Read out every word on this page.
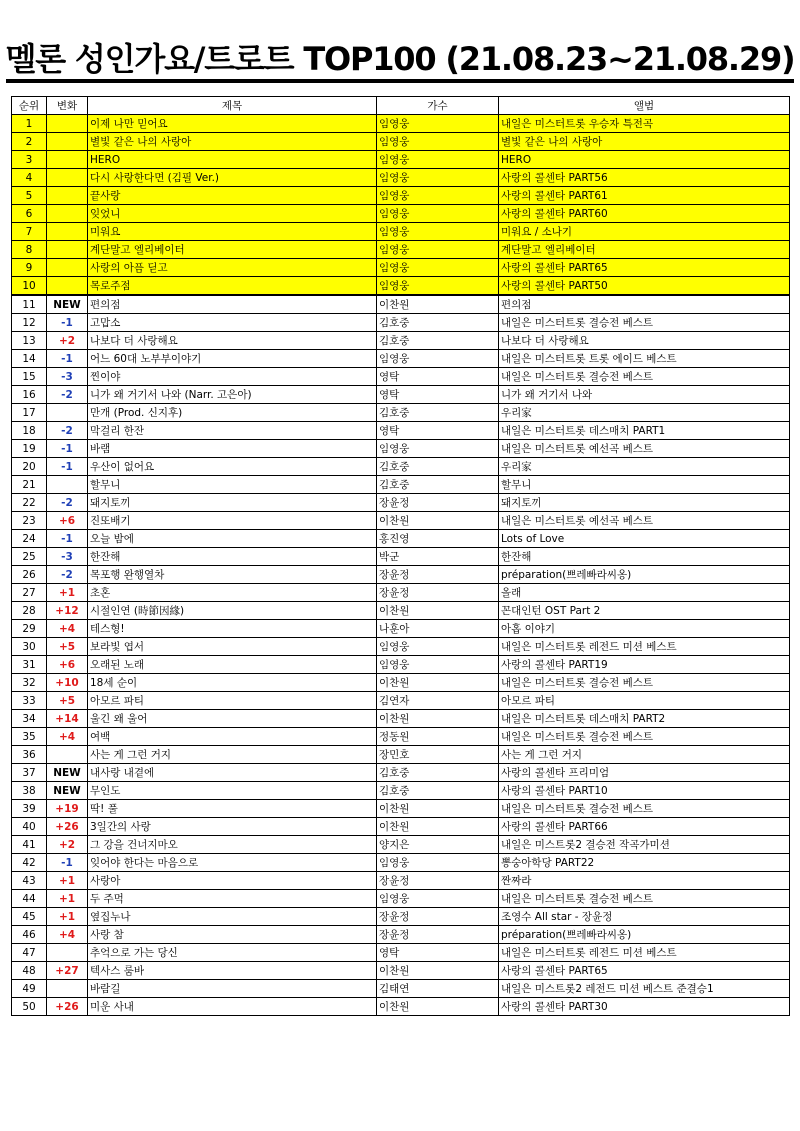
멜론 성인가요/트로트 TOP100 (21.08.23~21.08.29)
순위	변화	제목	가수	앨범
1		이제 나만 믿어요	임영웅	내일은 미스터트롯 우승자 특전곡
2		별빛 같은 나의 사랑아	임영웅	별빛 같은 나의 사랑아
3		HERO	임영웅	HERO
4		다시 사랑한다면 (김필 Ver.)	임영웅	사랑의 콜센타 PART56
5		끝사랑	임영웅	사랑의 콜센타 PART61
6		잊었니	임영웅	사랑의 콜센타 PART60
7		미워요	임영웅	미워요 / 소나기
8		계단말고 엘리베이터	임영웅	계단말고 엘리베이터
9		사랑의 아픔 딛고	임영웅	사랑의 콜센타 PART65
10		목로주점	임영웅	사랑의 콜센타 PART50
11	NEW	편의점	이찬원	편의점
12	-1	고맙소	김호중	내일은 미스터트롯 결승전 베스트
13	+2	나보다 더 사랑해요	김호중	나보다 더 사랑해요
14	-1	어느 60대 노부부이야기	임영웅	내일은 미스터트롯 트롯 에이드 베스트
15	-3	찐이야	영탁	내일은 미스터트롯 결승전 베스트
16	-2	니가 왜 거기서 나와 (Narr. 고은아)	영탁	니가 왜 거기서 나와
17		만개 (Prod. 신지후)	김호중	우리家
18	-2	막걸리 한잔	영탁	내일은 미스터트롯 데스매치 PART1
19	-1	바램	임영웅	내일은 미스터트롯 예선곡 베스트
20	-1	우산이 없어요	김호중	우리家
21		할무니	김호중	할무니
22	-2	돼지토끼	장윤정	돼지토끼
23	+6	진또배기	이찬원	내일은 미스터트롯 예선곡 베스트
24	-1	오늘 밤에	홍진영	Lots of Love
25	-3	한잔해	박군	한잔해
26	-2	목포행 완행열차	장윤정	préparation(쁘레빠라씨옹)
27	+1	초혼	장윤정	올래
28	+12	시절인연 (時節因緣)	이찬원	꼰대인턴 OST Part 2
29	+4	테스형!	나훈아	아홉 이야기
30	+5	보라빛 엽서	임영웅	내일은 미스터트롯 레전드 미션 베스트
31	+6	오래된 노래	임영웅	사랑의 콜센타 PART19
32	+10	18세 순이	이찬원	내일은 미스터트롯 결승전 베스트
33	+5	아모르 파티	김연자	아모르 파티
34	+14	울긴 왜 울어	이찬원	내일은 미스터트롯 데스매치 PART2
35	+4	여백	정동원	내일은 미스터트롯 결승전 베스트
36		사는 게 그런 거지	장민호	사는 게 그런 거지
37	NEW	내사랑 내곁에	김호중	사랑의 콜센타 프리미엄
38	NEW	무인도	김호중	사랑의 콜센타 PART10
39	+19	딱! 풀	이찬원	내일은 미스터트롯 결승전 베스트
40	+26	3일간의 사랑	이찬원	사랑의 콜센타 PART66
41	+2	그 강을 건너지마오	양지은	내일은 미스트롯2 결승전 작곡가미션
42	-1	잊어야 한다는 마음으로	임영웅	뽕숭아학당 PART22
43	+1	사랑아	장윤정	짠짜라
44	+1	두 주먹	임영웅	내일은 미스터트롯 결승전 베스트
45	+1	옆집누나	장윤정	조영수 All star - 장윤정
46	+4	사랑 참	장윤정	préparation(쁘레빠라씨옹)
47		추억으로 가는 당신	영탁	내일은 미스터트롯 레전드 미션 베스트
48	+27	텍사스 룸바	이찬원	사랑의 콜센타 PART65
49		바람길	김태연	내일은 미스트롯2 레전드 미션 베스트 준결승1
50	+26	미운 사내	이찬원	사랑의 콜센타 PART30
